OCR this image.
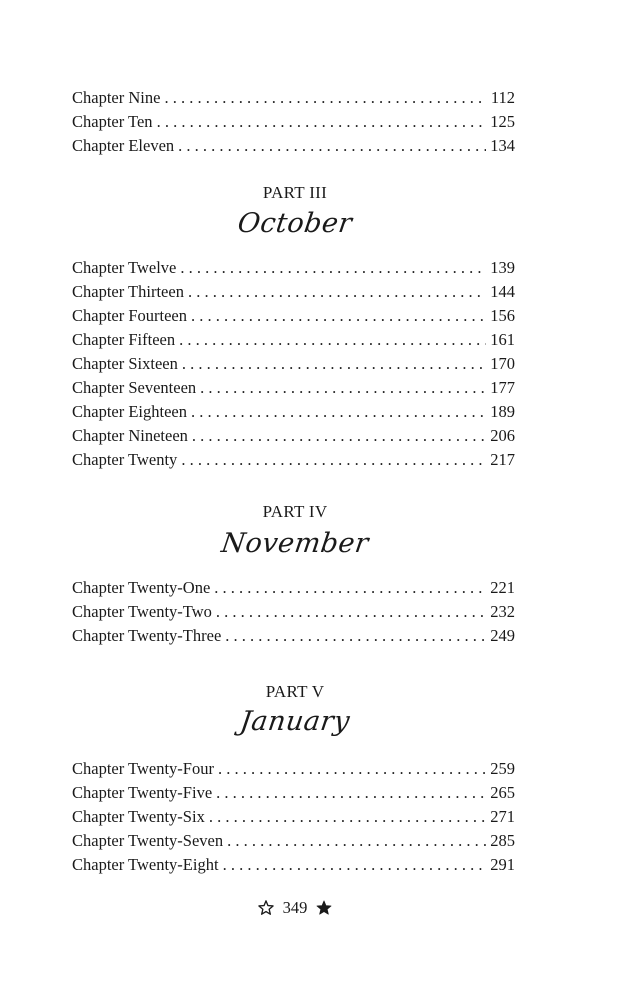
Chapter Nine . . .	112
Chapter Ten . . .	125
Chapter Eleven . . .	134
PART III
October
Chapter Twelve . . .	139
Chapter Thirteen . . .	144
Chapter Fourteen . . .	156
Chapter Fifteen . . .	161
Chapter Sixteen . . .	170
Chapter Seventeen . . .	177
Chapter Eighteen . . .	189
Chapter Nineteen . . .	206
Chapter Twenty . . .	217
PART IV
November
Chapter Twenty-One . . .	221
Chapter Twenty-Two . . .	232
Chapter Twenty-Three . . .	249
PART V
January
Chapter Twenty-Four . . .	259
Chapter Twenty-Five . . .	265
Chapter Twenty-Six . . .	271
Chapter Twenty-Seven . . .	285
Chapter Twenty-Eight . . .	291
349
